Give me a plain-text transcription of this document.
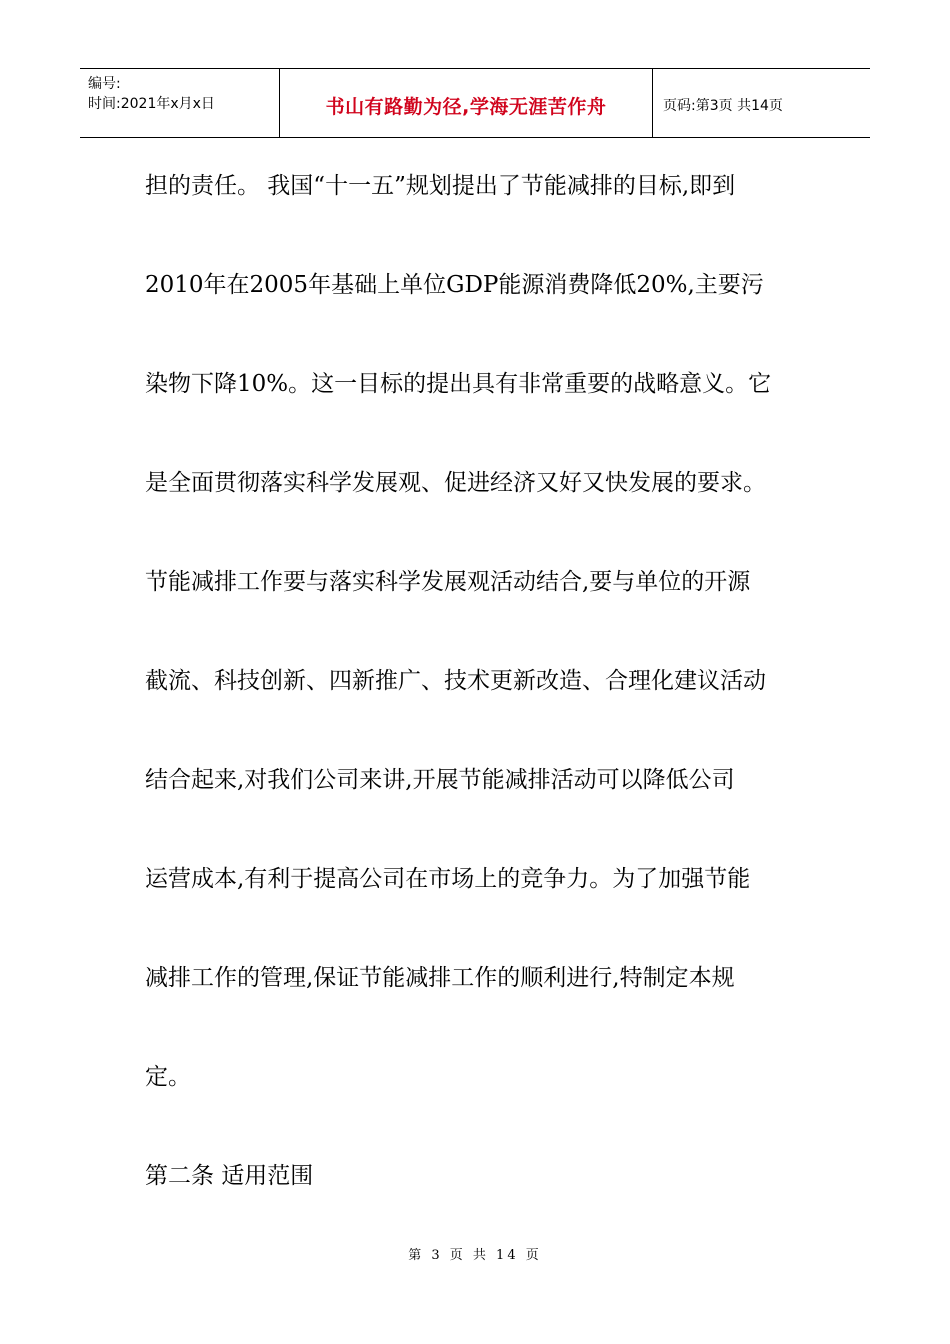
编号:
时间:2021年x月x日	书山有路勤为径,学海无涯苦作舟	页码:第3页 共14页
担的责任。 我国“十一五”规划提出了节能减排的目标,即到
2010年在2005年基础上单位GDP能源消费降低20%,主要污
染物下降10%。这一目标的提出具有非常重要的战略意义。它
是全面贯彻落实科学发展观、促进经济又好又快发展的要求。
节能减排工作要与落实科学发展观活动结合,要与单位的开源
截流、科技创新、四新推广、技术更新改造、合理化建议活动
结合起来,对我们公司来讲,开展节能减排活动可以降低公司
运营成本,有利于提高公司在市场上的竞争力。为了加强节能
减排工作的管理,保证节能减排工作的顺利进行,特制定本规
定。
第二条 适用范围
第 3 页 共 14 页
